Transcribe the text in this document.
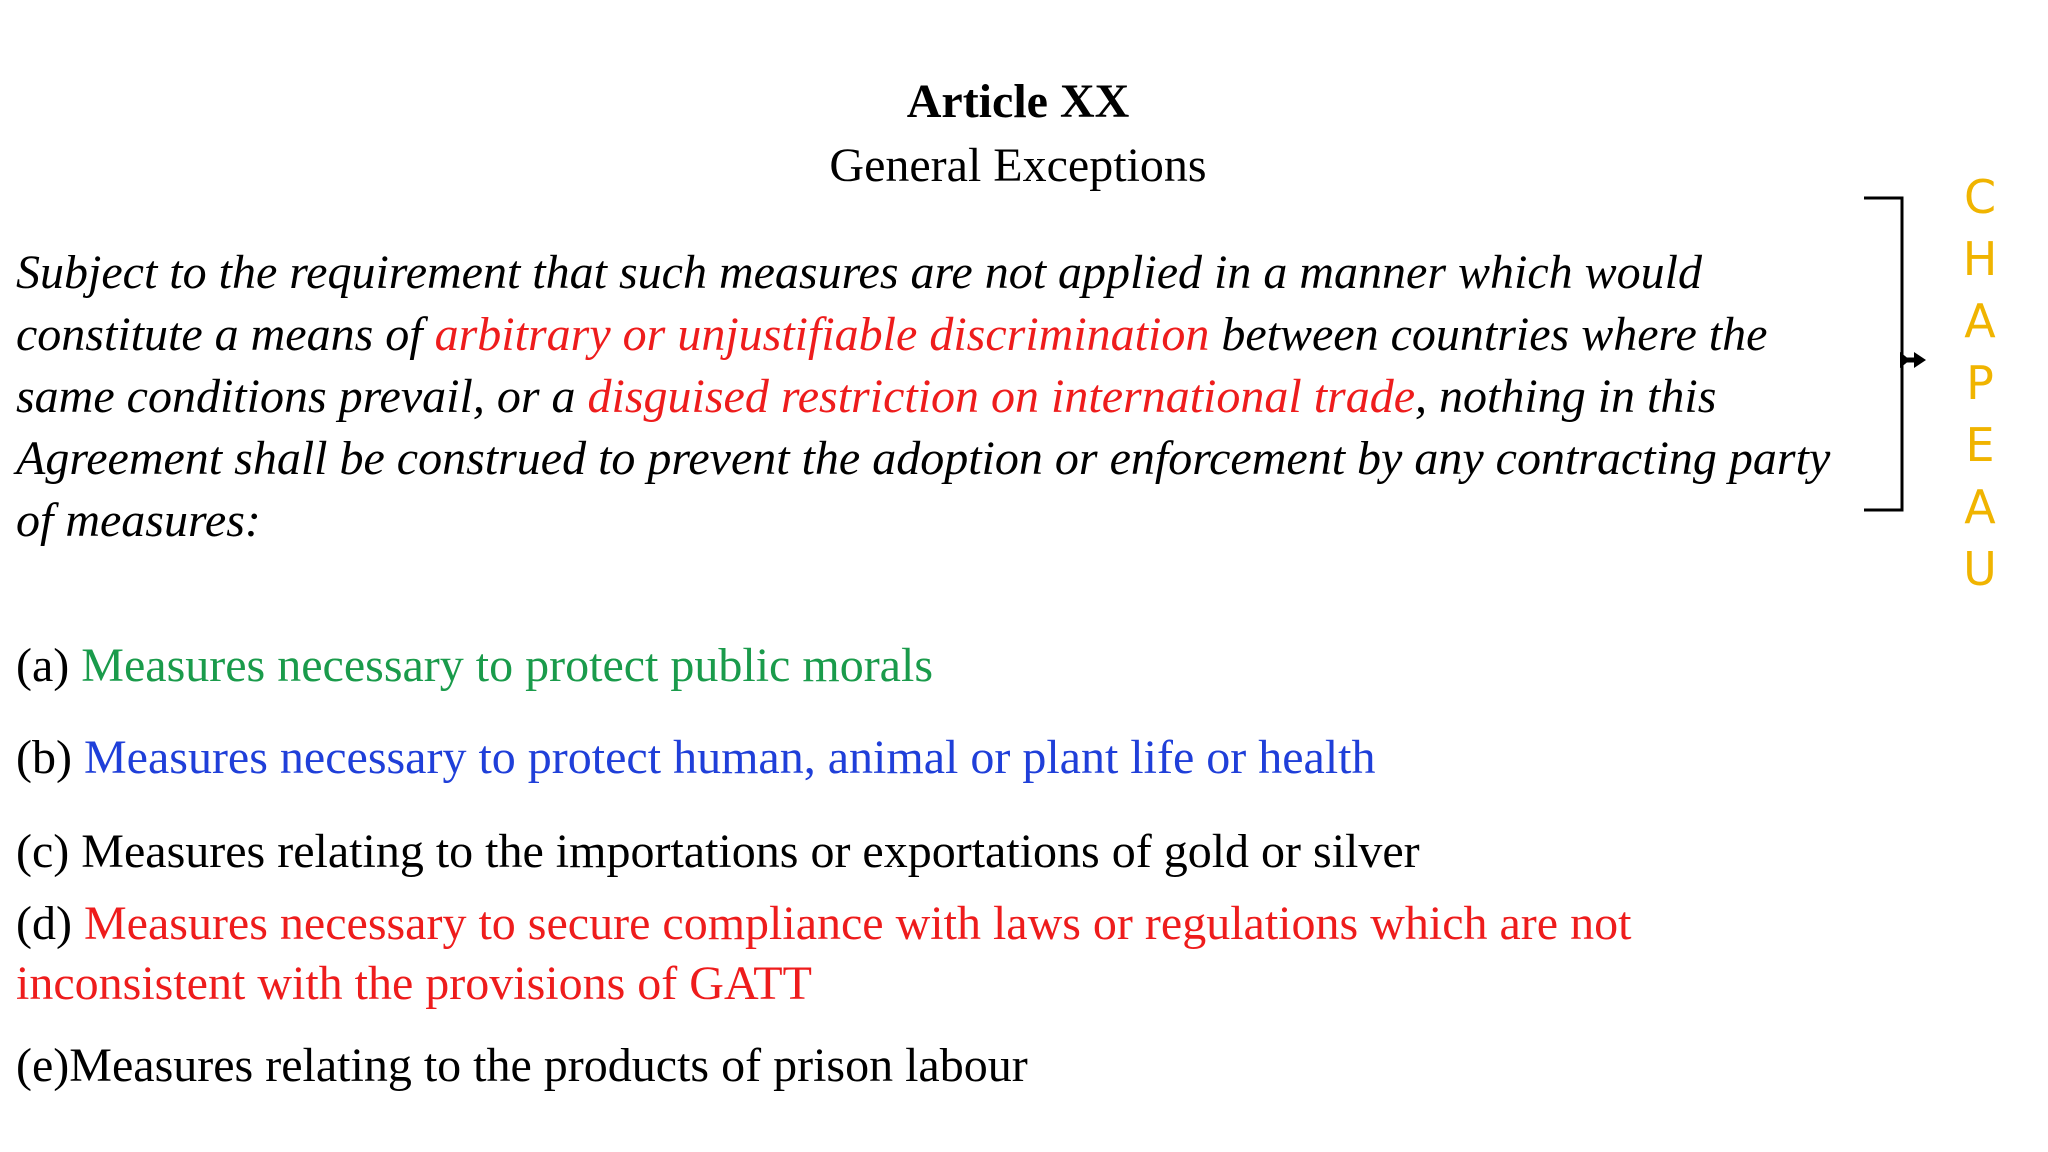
Article XX
General Exceptions
Subject to the requirement that such measures are not applied in a manner which would constitute a means of arbitrary or unjustifiable discrimination between countries where the same conditions prevail, or a disguised restriction on international trade, nothing in this Agreement shall be construed to prevent the adoption or enforcement by any contracting party of measures:
C
H
A
P
E
A
U
(a) Measures necessary to protect public morals
(b) Measures necessary to protect human, animal or plant life or health
(c) Measures relating to the importations or exportations of gold or silver
(d) Measures necessary to secure compliance with laws or regulations which are not inconsistent with the provisions of GATT
(e)Measures relating to the products of prison labour
